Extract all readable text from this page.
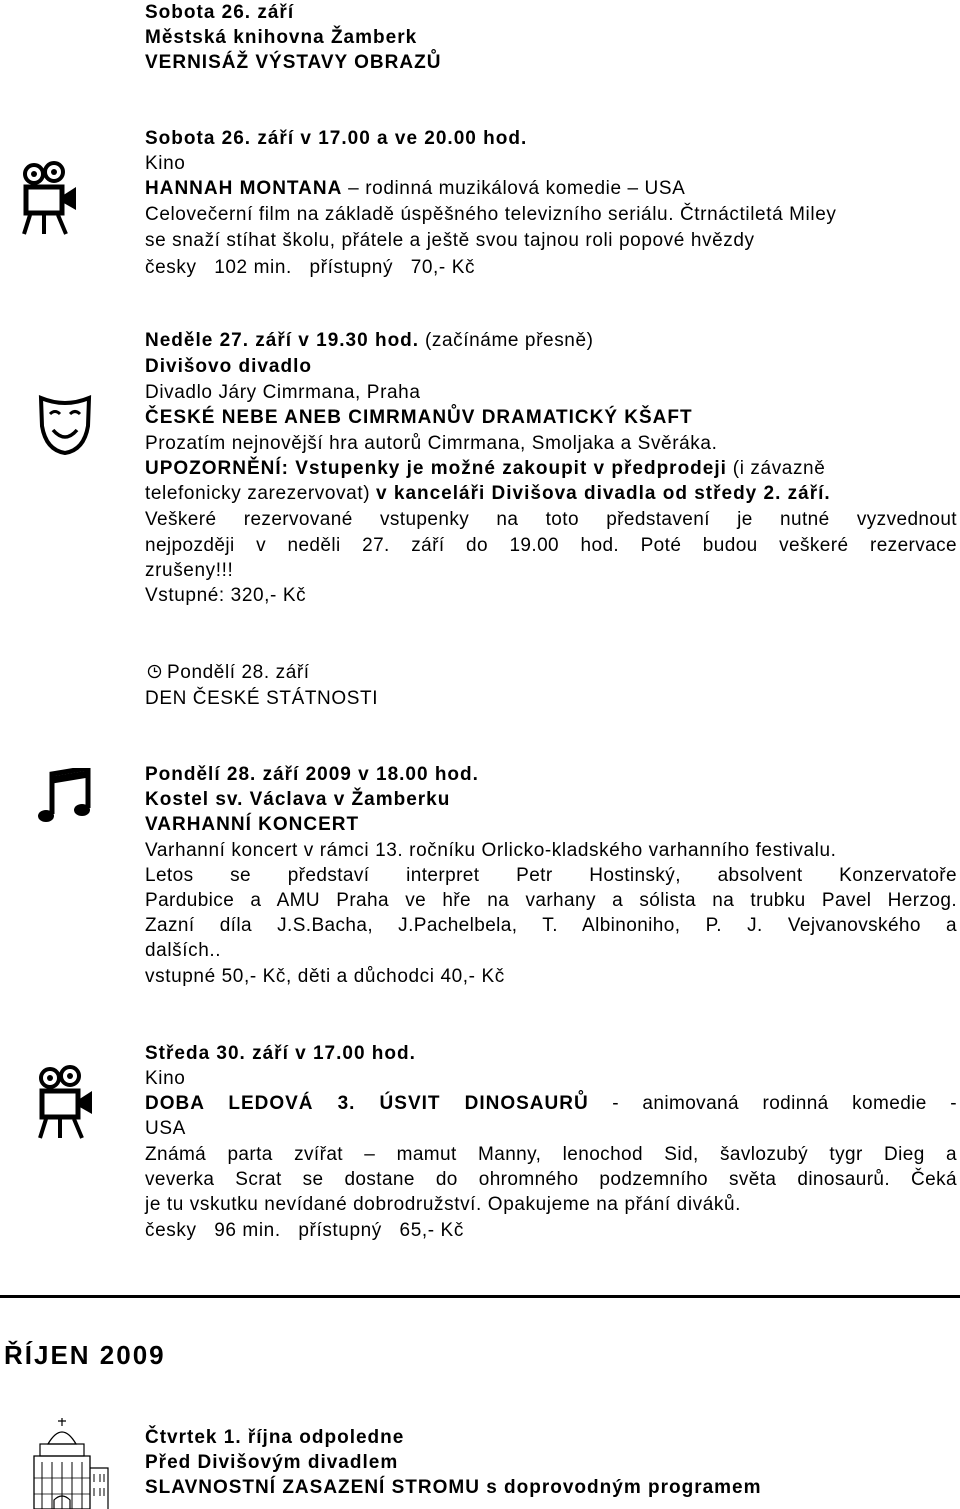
Sobota 26. září
Městská knihovna Žamberk
VERNISÁŽ VÝSTAVY OBRAZŮ
Sobota 26. září v 17.00 a ve 20.00 hod.
Kino
HANNAH MONTANA – rodinná muzikálová komedie – USA
Celovečerní film na základě úspěšného televizního seriálu. Čtrnáctiletá Miley
se snaží stíhat školu, přátele a ještě svou tajnou roli popové hvězdy
česky   102 min.   přístupný   70,- Kč
Neděle 27. září v 19.30 hod. (začínáme přesně)
Divišovo divadlo
Divadlo Járy Cimrmana, Praha
ČESKÉ NEBE ANEB CIMRMANŮV DRAMATICKÝ KŠAFT
Prozatím nejnovější hra autorů Cimrmana, Smoljaka a Svěráka.
UPOZORNĚNÍ: Vstupenky je možné zakoupit v předprodeji (i závazně
telefonicky zarezervovat) v kanceláři Divišova divadla od středy 2. září.
Veškeré rezervované vstupenky na toto představení je nutné vyzvednout
nejpozději v neděli 27. září do 19.00 hod. Poté budou veškeré rezervace
zrušeny!!!
Vstupné: 320,- Kč
Pondělí 28. září
DEN ČESKÉ STÁTNOSTI
Pondělí 28. září 2009 v 18.00 hod.
Kostel sv. Václava v Žamberku
VARHANNÍ KONCERT
Varhanní koncert v rámci 13. ročníku Orlicko-kladského varhanního festivalu.
Letos se představí interpret Petr Hostinský, absolvent Konzervatoře
Pardubice a AMU Praha ve hře na varhany a sólista na trubku Pavel Herzog.
Zazní díla J.S.Bacha, J.Pachelbela, T. Albinoniho, P. J. Vejvanovského a
dalších..
vstupné 50,- Kč, děti a důchodci 40,- Kč
Středa 30. září v 17.00 hod.
Kino
DOBA LEDOVÁ 3. ÚSVIT DINOSAURŮ - animovaná rodinná komedie -
USA
Známá parta zvířat – mamut Manny, lenochod Sid, šavlozubý tygr Dieg a
veverka Scrat se dostane do ohromného podzemního světa dinosaurů. Čeká
je tu vskutku nevídané dobrodružství. Opakujeme na přání diváků.
česky   96 min.   přístupný   65,- Kč
ŘÍJEN 2009
Čtvrtek 1. října odpoledne
Před Divišovým divadlem
SLAVNOSTNÍ ZASAZENÍ STROMU s doprovodným programem
